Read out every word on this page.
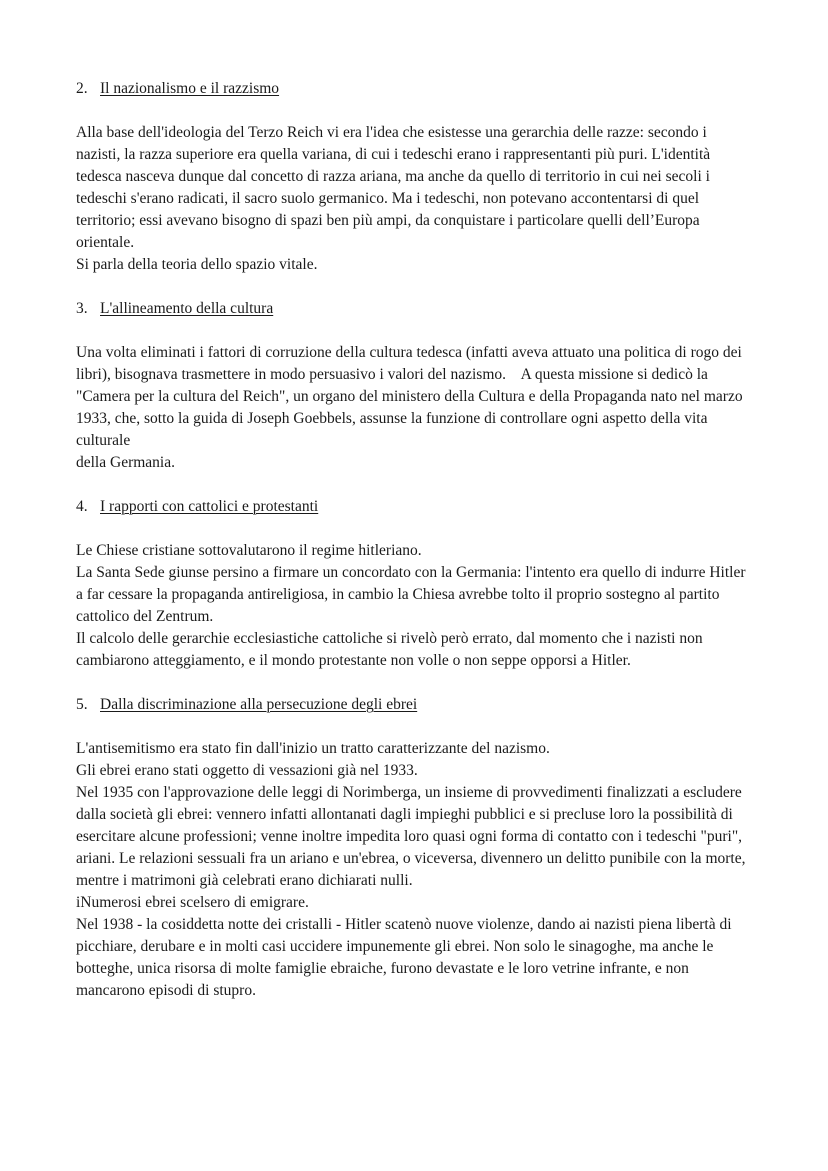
2. Il nazionalismo e il razzismo

Alla base dell'ideologia del Terzo Reich vi era l'idea che esistesse una gerarchia delle razze: secondo i nazisti, la razza superiore era quella variana, di cui i tedeschi erano i rappresentanti più puri. L'identità tedesca nasceva dunque dal concetto di razza ariana, ma anche da quello di territorio in cui nei secoli i tedeschi s'erano radicati, il sacro suolo germanico. Ma i tedeschi, non potevano accontentarsi di quel territorio; essi avevano bisogno di spazi ben più ampi, da conquistare i particolare quelli dell’Europa orientale.

Si parla della teoria dello spazio vitale.

3. L'allineamento della cultura

Una volta eliminati i fattori di corruzione della cultura tedesca (infatti aveva attuato una politica di rogo dei libri), bisognava trasmettere in modo persuasivo i valori del nazismo.    A questa missione si dedicò la "Camera per la cultura del Reich", un organo del ministero della Cultura e della Propaganda nato nel marzo 1933, che, sotto la guida di Joseph Goebbels, assunse la funzione di controllare ogni aspetto della vita culturale

della Germania.

4. I rapporti con cattolici e protestanti

Le Chiese cristiane sottovalutarono il regime hitleriano.

La Santa Sede giunse persino a firmare un concordato con la Germania: l'intento era quello di indurre Hitler a far cessare la propaganda antireligiosa, in cambio la Chiesa avrebbe tolto il proprio sostegno al partito cattolico del Zentrum.

Il calcolo delle gerarchie ecclesiastiche cattoliche si rivelò però errato, dal momento che i nazisti non cambiarono atteggiamento, e il mondo protestante non volle o non seppe opporsi a Hitler.

5. Dalla discriminazione alla persecuzione degli ebrei

L'antisemitismo era stato fin dall'inizio un tratto caratterizzante del nazismo.

Gli ebrei erano stati oggetto di vessazioni già nel 1933.

Nel 1935 con l'approvazione delle leggi di Norimberga, un insieme di provvedimenti finalizzati a escludere dalla società gli ebrei: vennero infatti allontanati dagli impieghi pubblici e si precluse loro la possibilità di esercitare alcune professioni; venne inoltre impedita loro quasi ogni forma di contatto con i tedeschi "puri", ariani. Le relazioni sessuali fra un ariano e un'ebrea, o viceversa, divennero un delitto punibile con la morte, mentre i matrimoni già celebrati erano dichiarati nulli.

iNumerosi ebrei scelsero di emigrare.

Nel 1938 - la cosiddetta notte dei cristalli - Hitler scatenò nuove violenze, dando ai nazisti piena libertà di picchiare, derubare e in molti casi uccidere impunemente gli ebrei. Non solo le sinagoghe, ma anche le botteghe, unica risorsa di molte famiglie ebraiche, furono devastate e le loro vetrine infrante, e non mancarono episodi di stupro.
